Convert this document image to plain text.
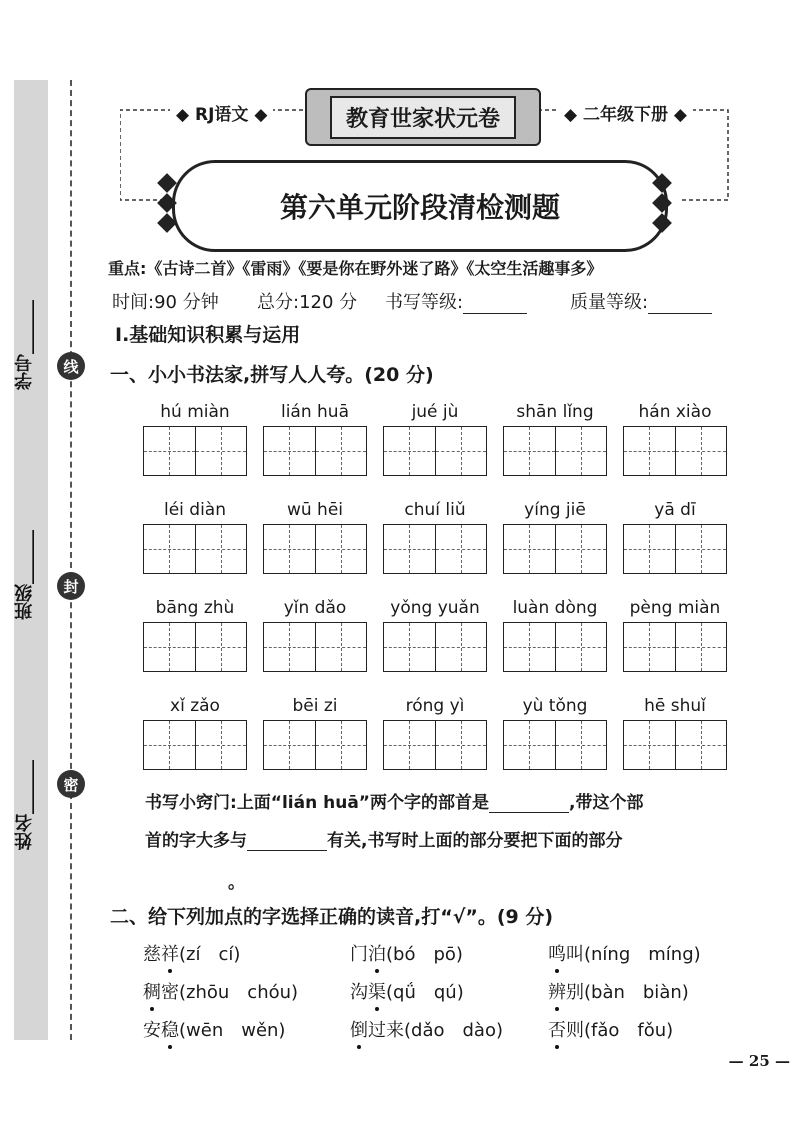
学号______
班级______
姓名______
线
封
密
◆ RJ语文 ◆	◆ 二年级下册 ◆
教育世家状元卷
第六单元阶段清检测题
重点:《古诗二首》《雷雨》《要是你在野外迷了路》《太空生活趣事多》
时间:90 分钟 总分:120 分 书写等级:	质量等级:
Ⅰ.基础知识积累与运用
一、小小书法家,拼写人人夸。(20 分)
hú miàn	lián huā	jué jù	shān lǐng	hán xiào
léi diàn	wū hēi	chuí liǔ	yíng jiē	yā dī
bāng zhù	yǐn dǎo	yǒng yuǎn	luàn dòng	pèng miàn
xǐ zǎo	bēi zi	róng yì	yù tǒng	hē shuǐ
书写小窍门:上面“lián huā”两个字的部首是	,带这个部
首的字大多与	有关,书写时上面的部分要把下面的部分
。
二、给下列加点的字选择正确的读音,打“√”。(9 分)
慈祥(zí　cí)	门泊(bó　pō)	鸣叫(níng　míng)
稠密(zhōu　chóu)	沟渠(qǘ　qú)	辨别(bàn　biàn)
安稳(wēn　wěn)	倒过来(dǎo　dào)	否则(fǎo　fǒu)
— 25 —
